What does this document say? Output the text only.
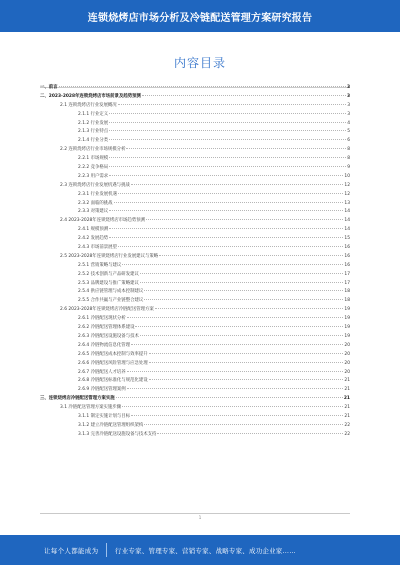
连锁烧烤店市场分析及冷链配送管理方案研究报告
内容目录
一、前言	3
二、2023-2028年连锁烧烤店市场前景及趋势预测	3
2.1 连锁烧烤店行业发展概况	3
2.1.1 行业定义	3
2.1.2 行业发展	4
2.1.3 行业特点	5
2.1.4 行业分类	6
2.2 连锁烧烤店行业市场规模分析	8
2.2.1 市场规模	8
2.2.2 竞争格局	9
2.2.3 用户需求	10
2.3 连锁烧烤店行业发展机遇与挑战	12
2.3.1 行业发展机遇	12
2.3.2 面临的挑战	13
2.3.3 对策建议	14
2.4 2023-2028年连锁烧烤店市场趋势预测	14
2.4.1 规模预测	14
2.4.2 发展趋势	15
2.4.3 市场前景展望	16
2.5 2023-2028年连锁烧烤店行业发展建议与策略	16
2.5.1 营销策略与建议	16
2.5.2 技术创新与产品研发建议	17
2.5.3 品牌建设与推广策略建议	17
2.5.4 供应链管理与成本控制建议	18
2.5.5 合作共赢与产业链整合建议	18
2.6 2023-2028年连锁烧烤店冷链配送管理方案	19
2.6.1 冷链配送现状分析	19
2.6.2 冷链配送管理体系建设	19
2.6.3 冷链配送设施设备与技术	19
2.6.4 冷链物流信息化管理	20
2.6.5 冷链配送成本控制与效率提升	20
2.6.6 冷链配送风险管理与应急处理	20
2.6.7 冷链配送人才培养	20
2.6.8 冷链配送标准化与规范化建设	21
2.6.9 冷链配送管理案例	21
三、连锁烧烤店冷链配送管理方案实施	21
3.1 冷链配送管理方案实施步骤	21
3.1.1 制定实施计划与目标	21
3.1.2 建立冷链配送管理组织架构	22
3.1.3 完善冷链配送设施设备与技术支持	22
1
让每个人都能成为	行业专家、管理专家、营销专家、战略专家、成功企业家……
